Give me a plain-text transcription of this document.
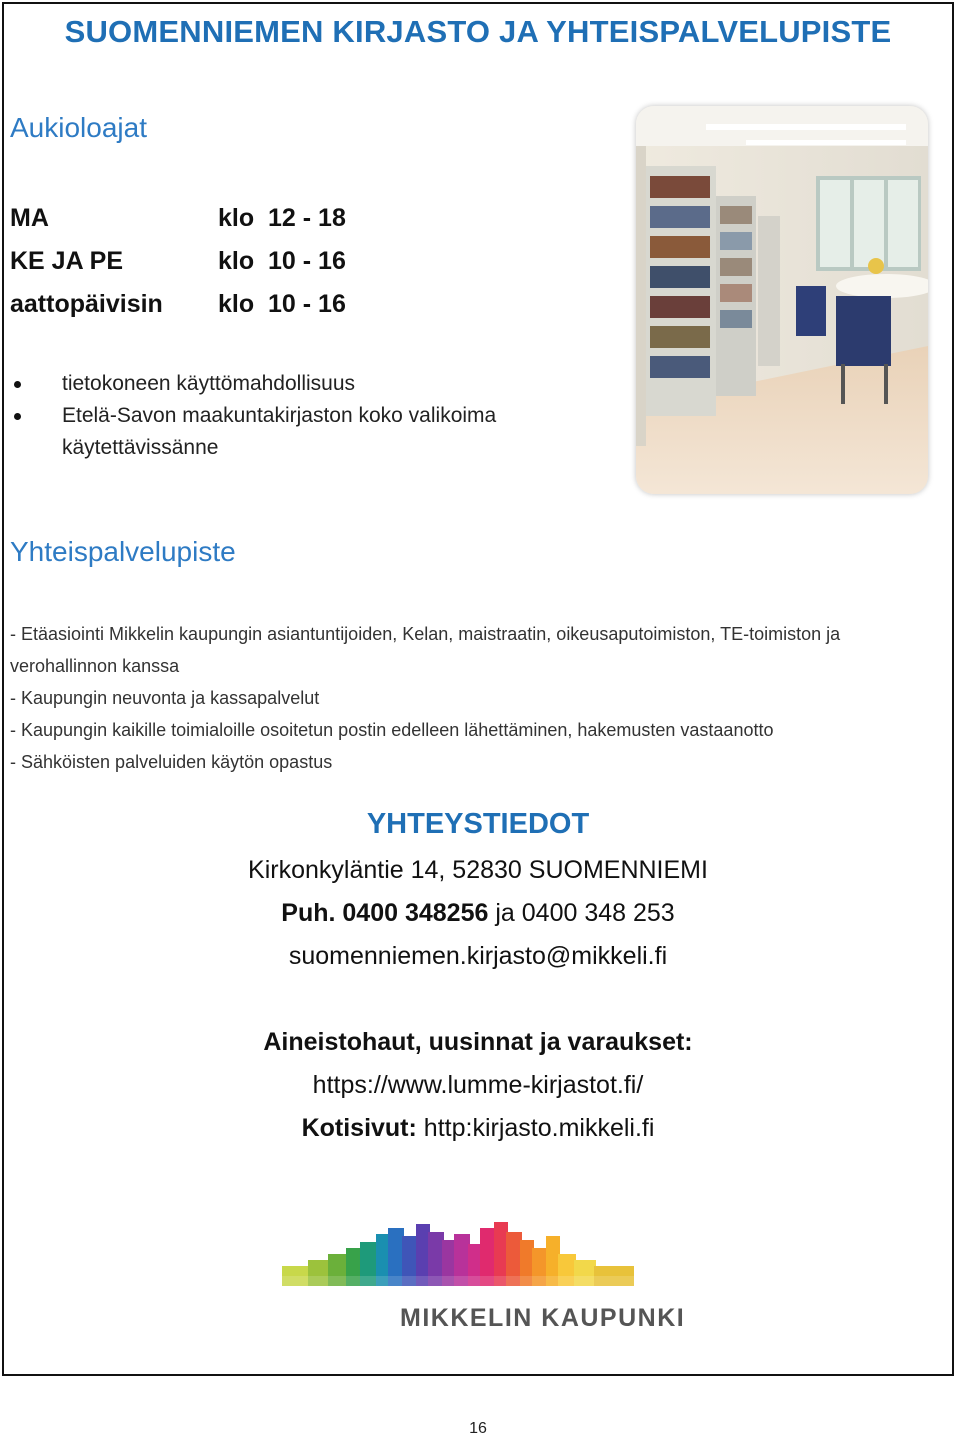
SUOMENNIEMEN KIRJASTO JA YHTEISPALVELUPISTE
Aukioloajat
MA	klo  12 - 18
KE JA PE	klo  10 - 16
aattopäivisin klo  10 - 16
tietokoneen käyttömahdollisuus
Etelä-Savon maakuntakirjaston koko valikoima käytettävissänne
Yhteispalvelupiste
- Etäasiointi Mikkelin kaupungin asiantuntijoiden, Kelan, maistraatin, oikeusaputoimiston, TE-toimiston ja verohallinnon kanssa
- Kaupungin neuvonta ja kassapalvelut
- Kaupungin kaikille toimialoille osoitetun postin edelleen lähettäminen, hakemusten vastaanotto
- Sähköisten palveluiden käytön opastus
YHTEYSTIEDOT
Kirkonkyläntie 14, 52830 SUOMENNIEMI
Puh. 0400 348256 ja 0400 348 253
suomenniemen.kirjasto@mikkeli.fi
Aineistohaut, uusinnat ja varaukset:
https://www.lumme-kirjastot.fi/
Kotisivut: http:kirjasto.mikkeli.fi
MIKKELIN KAUPUNKI
16
